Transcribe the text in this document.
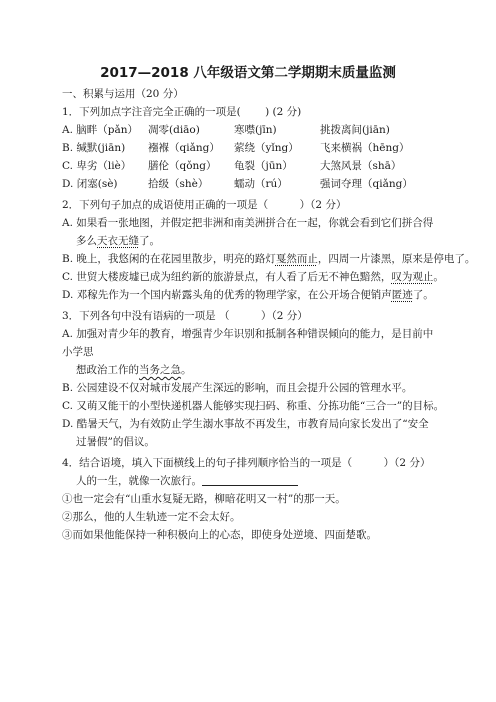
2017—2018 八年级语文第二学期期末质量监测
一、积累与运用（20 分）
1．下列加点字注音完全正确的一项是(　　 ) (2 分)
A. 脑畔（pǎn） 凋零(diāo)	寒噤(jīn)	挑拨离间(jiān)
B. 缄默(jiān) 襁褓（qiǎng） 萦绕（yǐng） 飞来横祸（hēng）
C. 卑劣（liè） 膳伦（qǒng） 龟裂（jūn）	大煞风景（shā）
D. 闭塞(sè)	拾级（shè） 蠕动（rú）	强词夺理（qiǎng）
2．下列句子加点的成语使用正确的一项是（　　　）（2 分）
A. 如果看一张地图，并假定把非洲和南美洲拼合在一起，你就会看到它们拼合得
多么天衣无缝了。
B. 晚上，我悠闲的在花园里散步，明亮的路灯戛然而止，四周一片漆黑，原来是停电了。
C. 世贸大楼废墟已成为纽约新的旅游景点，有人看了后无不神色黯然，叹为观止。
D. 邓稼先作为一个国内崭露头角的优秀的物理学家，在公开场合便销声匿迹了。
3．下列各句中没有语病的一项是 （　　　）（2 分）
A. 加强对青少年的教育，增强青少年识别和抵制各种错误倾向的能力，是目前中小学思
想政治工作的当务之急。
B. 公园建设不仅对城市发展产生深远的影响，而且会提升公园的管理水平。
C. 又萌又能干的小型快递机器人能够实现扫码、称重、分拣功能“三合一”的目标。
D. 酷暑天气，为有效防止学生溺水事故不再发生，市教育局向家长发出了“安全
过暑假”的倡议。
4．结合语境，填入下面横线上的句子排列顺序恰当的一项是（　　　）（2 分）
人的一生，就像一次旅行。
①也一定会有“山重水复疑无路，柳暗花明又一村”的那一天。
②那么，他的人生轨迹一定不会太好。
③而如果他能保持一种积极向上的心态，即使身处逆境、四面楚歌。
